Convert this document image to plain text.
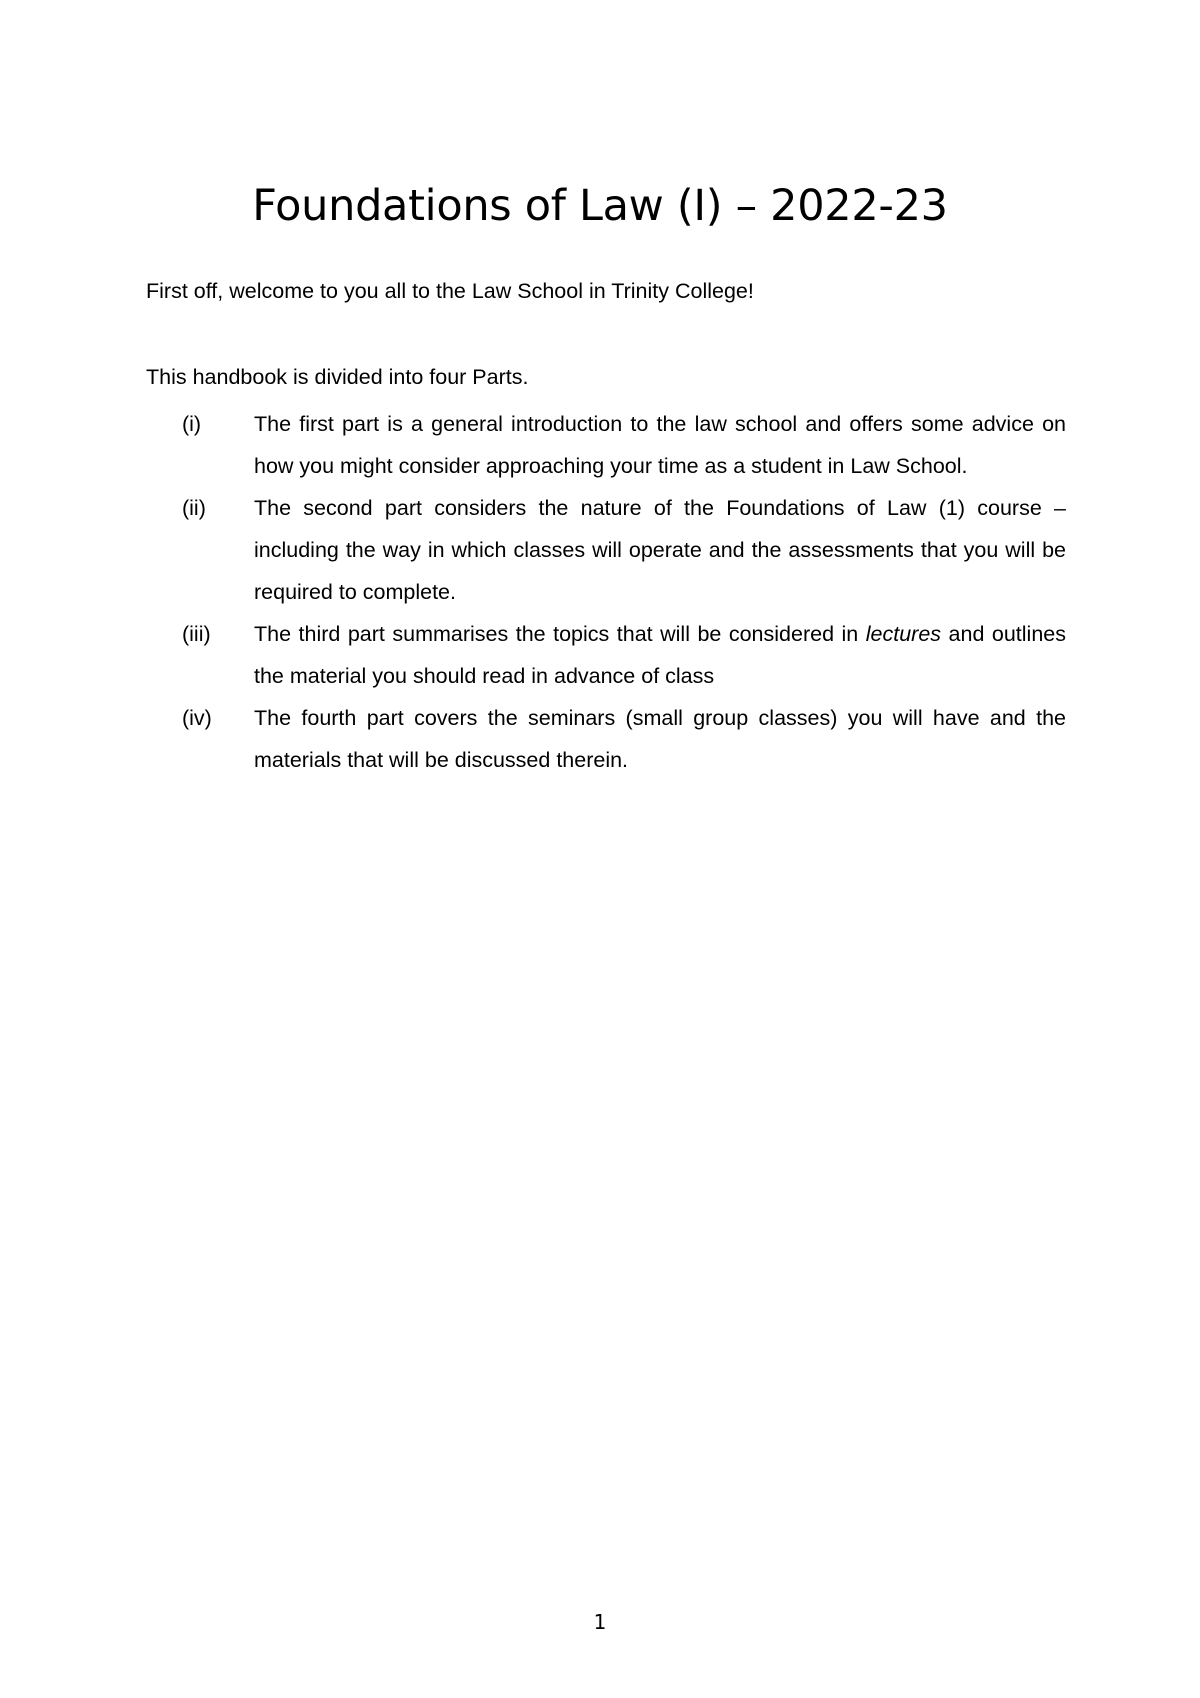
Foundations of Law (I) – 2022-23

First off, welcome to you all to the Law School in Trinity College!

This handbook is divided into four Parts.

(i)	The first part is a general introduction to the law school and offers some advice on how you might consider approaching your time as a student in Law School.
(ii)	The second part considers the nature of the Foundations of Law (1) course – including the way in which classes will operate and the assessments that you will be required to complete.
(iii)	The third part summarises the topics that will be considered in lectures and outlines the material you should read in advance of class
(iv)	The fourth part covers the seminars (small group classes) you will have and the materials that will be discussed therein.
1
